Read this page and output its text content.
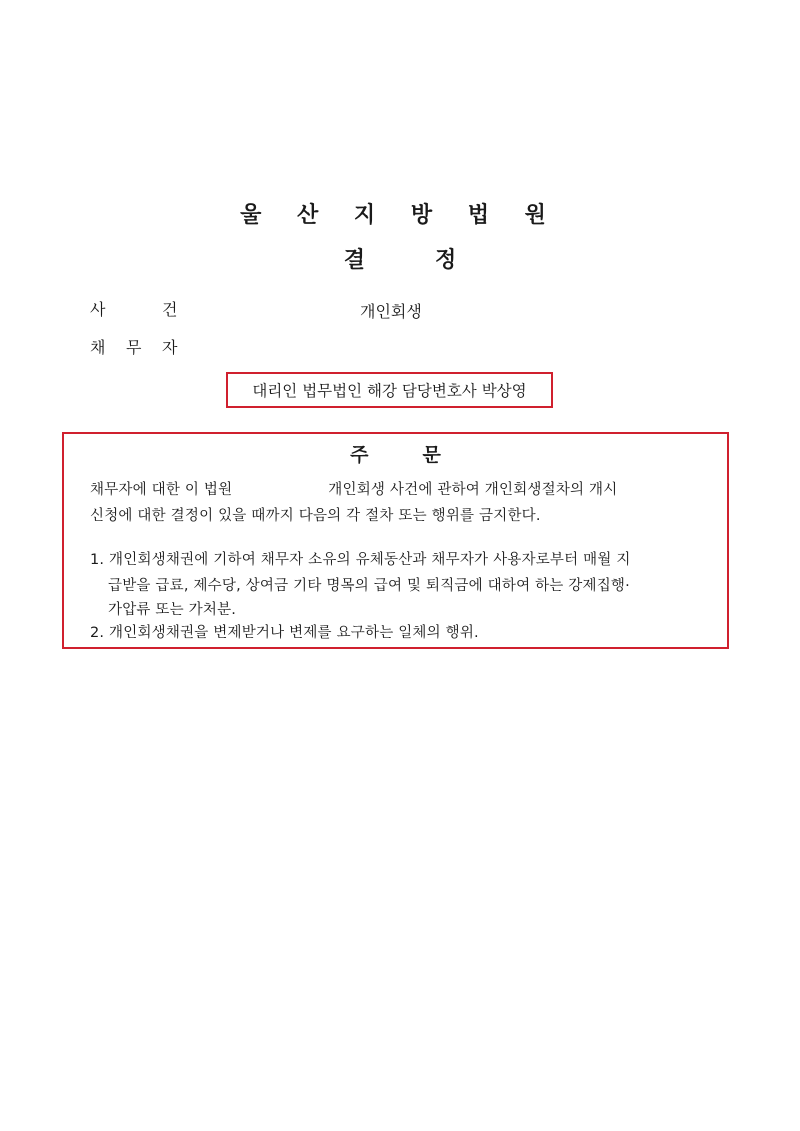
울 산 지 방 법 원
결	정
사	건	개인회생
채 무 자
대리인 법무법인 해강 담당변호사 박상영
주	문
채무자에 대한 이 법원	개인회생 사건에 관하여 개인회생절차의 개시
신청에 대한 결정이 있을 때까지 다음의 각 절차 또는 행위를 금지한다.
1. 개인회생채권에 기하여 채무자 소유의 유체동산과 채무자가 사용자로부터 매월 지
급받을 급료, 제수당, 상여금 기타 명목의 급여 및 퇴직금에 대하여 하는 강제집행·
가압류 또는 가처분.
2. 개인회생채권을 변제받거나 변제를 요구하는 일체의 행위.
